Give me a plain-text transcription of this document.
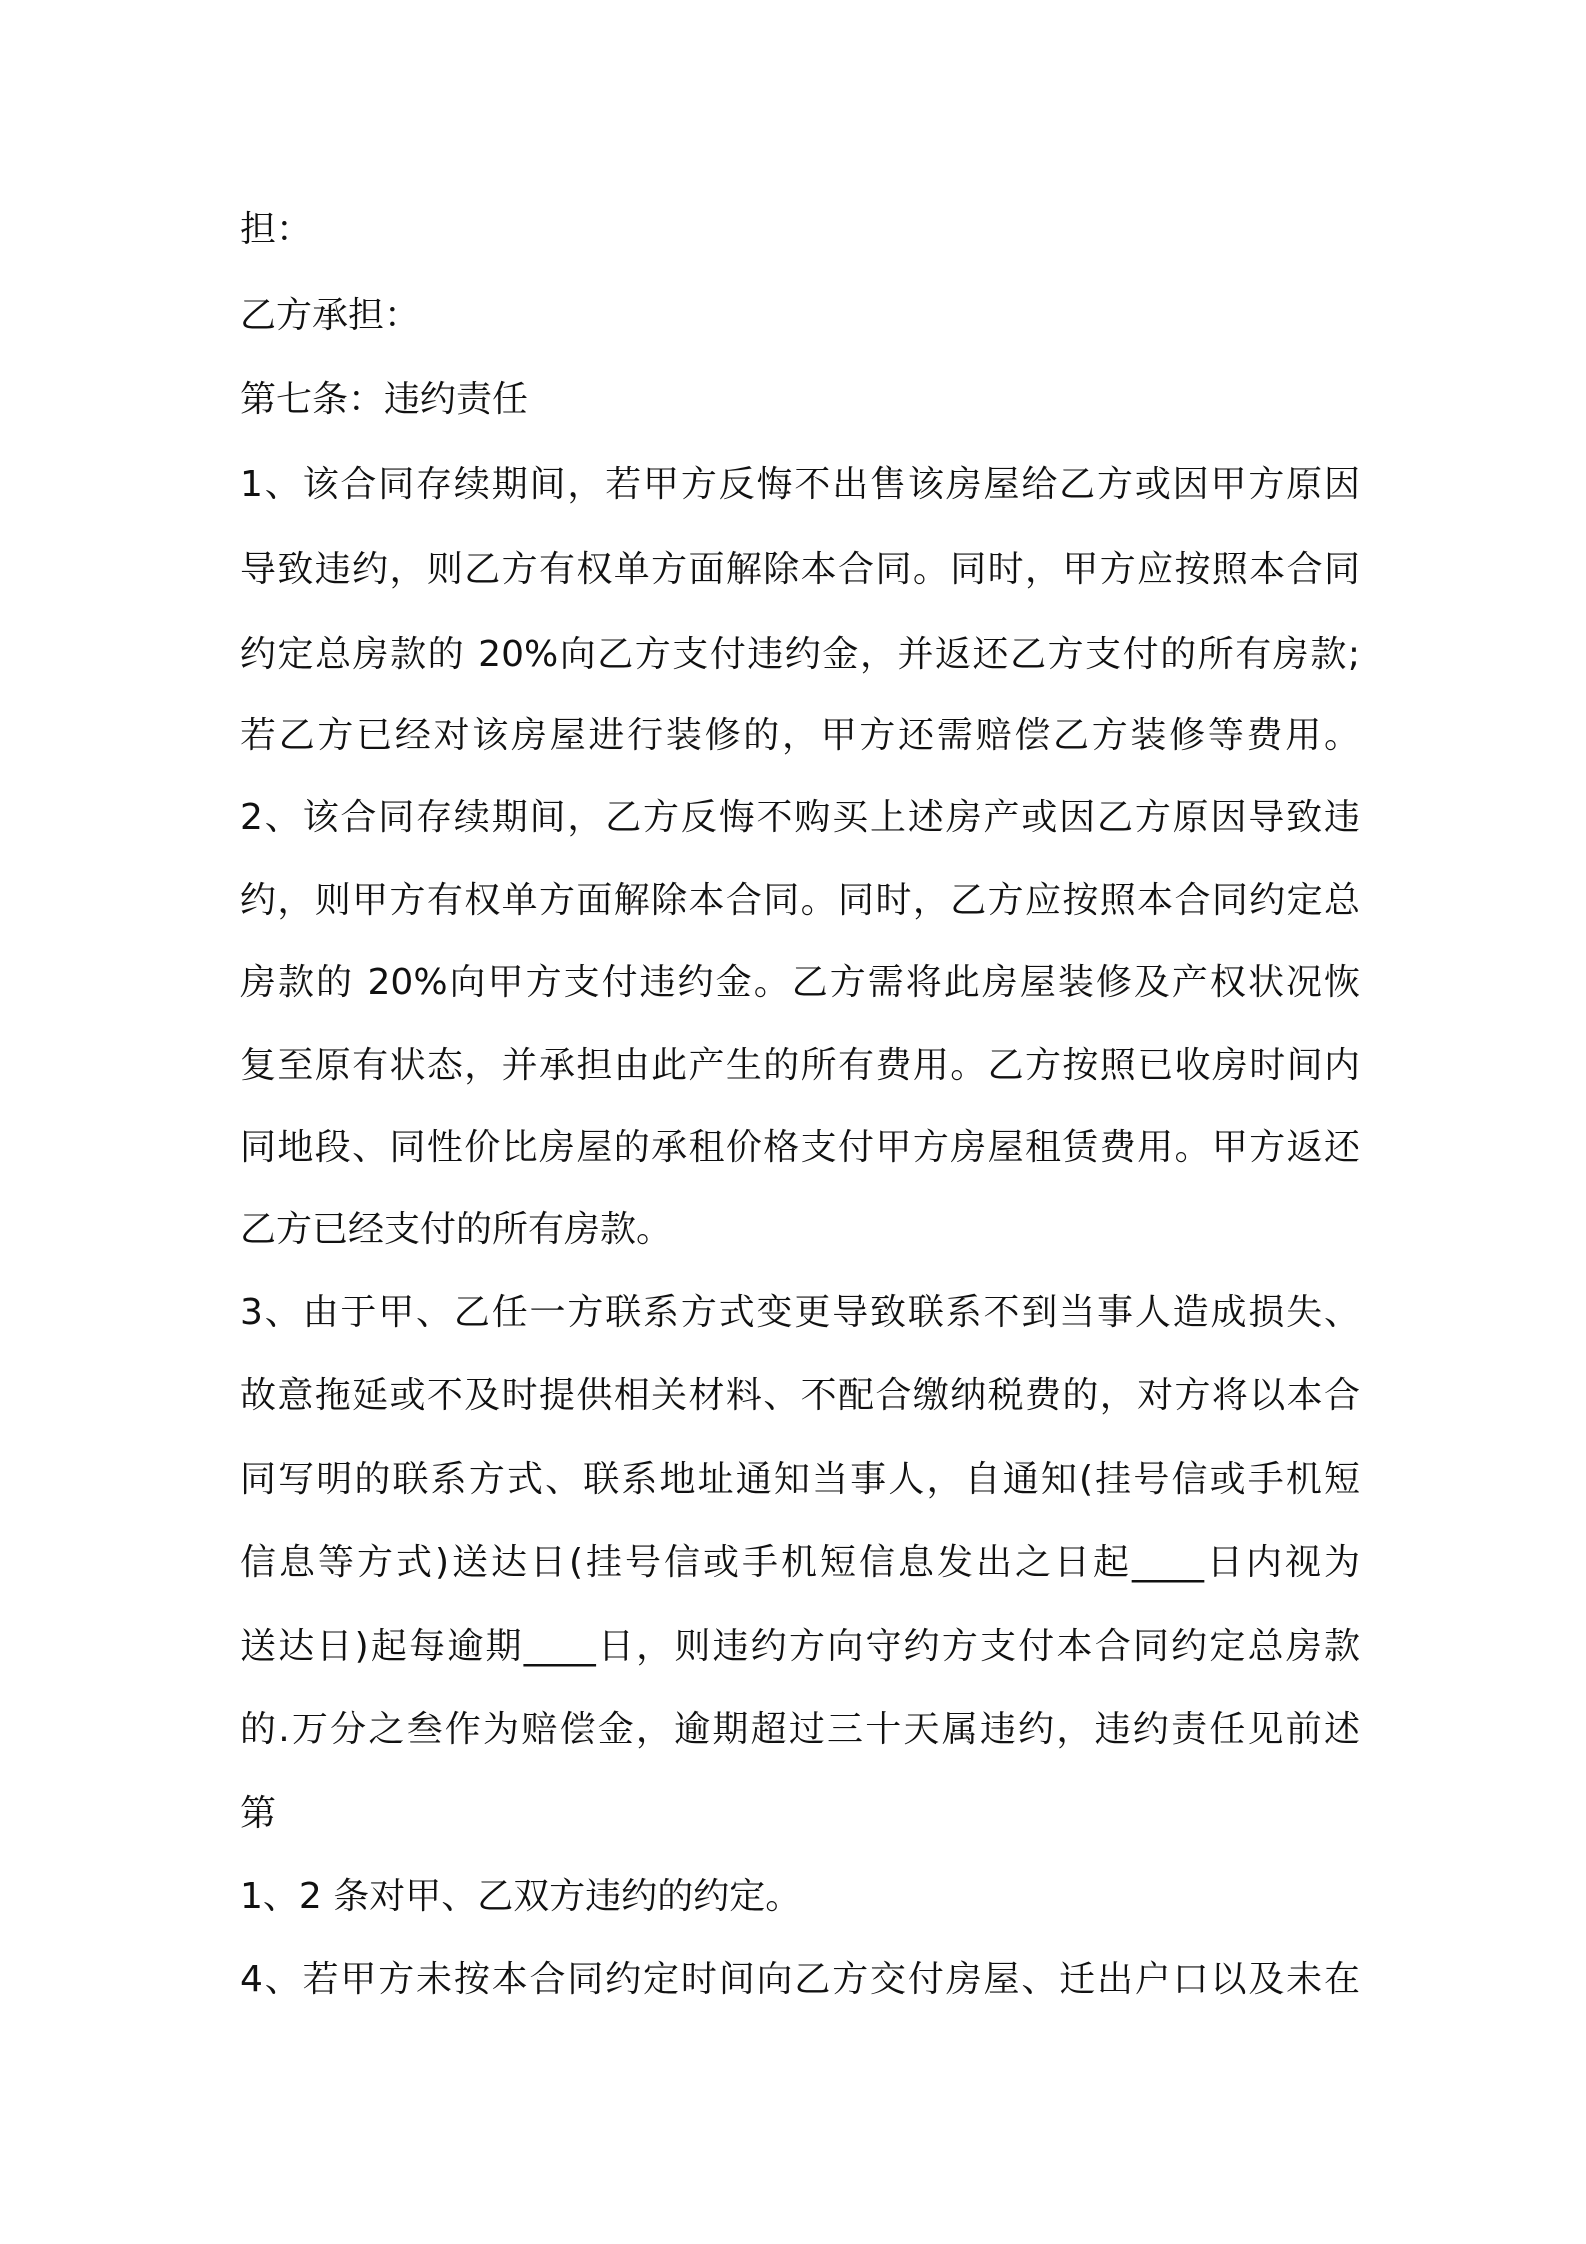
担：
乙方承担：
第七条：违约责任
1、该合同存续期间，若甲方反悔不出售该房屋给乙方或因甲方原因
导致违约，则乙方有权单方面解除本合同。同时，甲方应按照本合同
约定总房款的 20%向乙方支付违约金，并返还乙方支付的所有房款;
若乙方已经对该房屋进行装修的，甲方还需赔偿乙方装修等费用。
2、该合同存续期间，乙方反悔不购买上述房产或因乙方原因导致违
约，则甲方有权单方面解除本合同。同时，乙方应按照本合同约定总
房款的 20%向甲方支付违约金。乙方需将此房屋装修及产权状况恢
复至原有状态，并承担由此产生的所有费用。乙方按照已收房时间内
同地段、同性价比房屋的承租价格支付甲方房屋租赁费用。甲方返还
乙方已经支付的所有房款。
3、由于甲、乙任一方联系方式变更导致联系不到当事人造成损失、
故意拖延或不及时提供相关材料、不配合缴纳税费的，对方将以本合
同写明的联系方式、联系地址通知当事人，自通知(挂号信或手机短
信息等方式)送达日(挂号信或手机短信息发出之日起____日内视为
送达日)起每逾期____日，则违约方向守约方支付本合同约定总房款
的.万分之叁作为赔偿金，逾期超过三十天属违约，违约责任见前述
第
1、2 条对甲、乙双方违约的约定。
4、若甲方未按本合同约定时间向乙方交付房屋、迁出户口以及未在
